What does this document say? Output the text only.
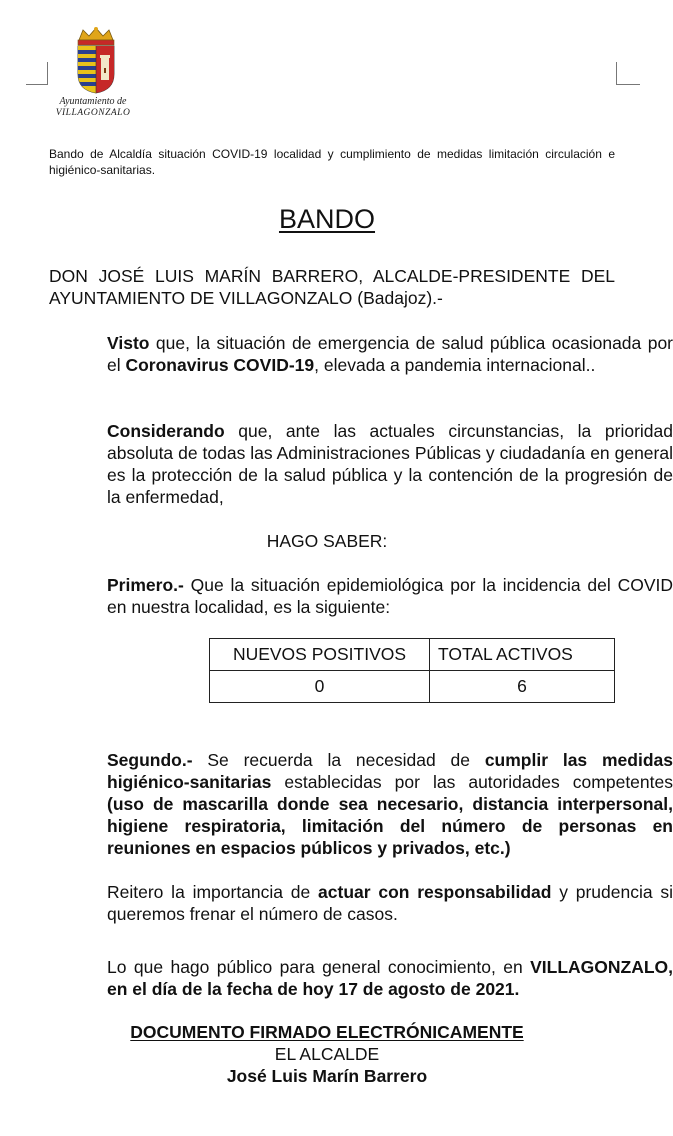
Ayuntamiento de
VILLAGONZALO
Bando de Alcaldía situación COVID-19 localidad y cumplimiento de medidas limitación circulación e higiénico-sanitarias.
BANDO
DON JOSÉ LUIS MARÍN BARRERO, ALCALDE-PRESIDENTE DEL AYUNTAMIENTO DE VILLAGONZALO (Badajoz).-
Visto que, la situación de emergencia de salud pública ocasionada por el Coronavirus COVID-19, elevada a pandemia internacional..
Considerando que, ante las actuales circunstancias, la prioridad absoluta de todas las Administraciones Públicas y ciudadanía en general es la protección de la salud pública y la contención de la progresión de la enfermedad,
HAGO SABER:
Primero.- Que la situación epidemiológica por la incidencia del COVID en nuestra localidad, es la siguiente:
NUEVOS POSITIVOS	TOTAL ACTIVOS
0	6
Segundo.- Se recuerda la necesidad de cumplir las medidas higiénico-sanitarias establecidas por las autoridades competentes (uso de mascarilla donde sea necesario, distancia interpersonal, higiene respiratoria, limitación del número de personas en reuniones en espacios públicos y privados, etc.)
Reitero la importancia de actuar con responsabilidad y prudencia si queremos frenar el número de casos.
Lo que hago público para general conocimiento, en VILLAGONZALO, en el día de la fecha de hoy 17 de agosto de 2021.
DOCUMENTO FIRMADO ELECTRÓNICAMENTE
EL ALCALDE
José Luis Marín Barrero
